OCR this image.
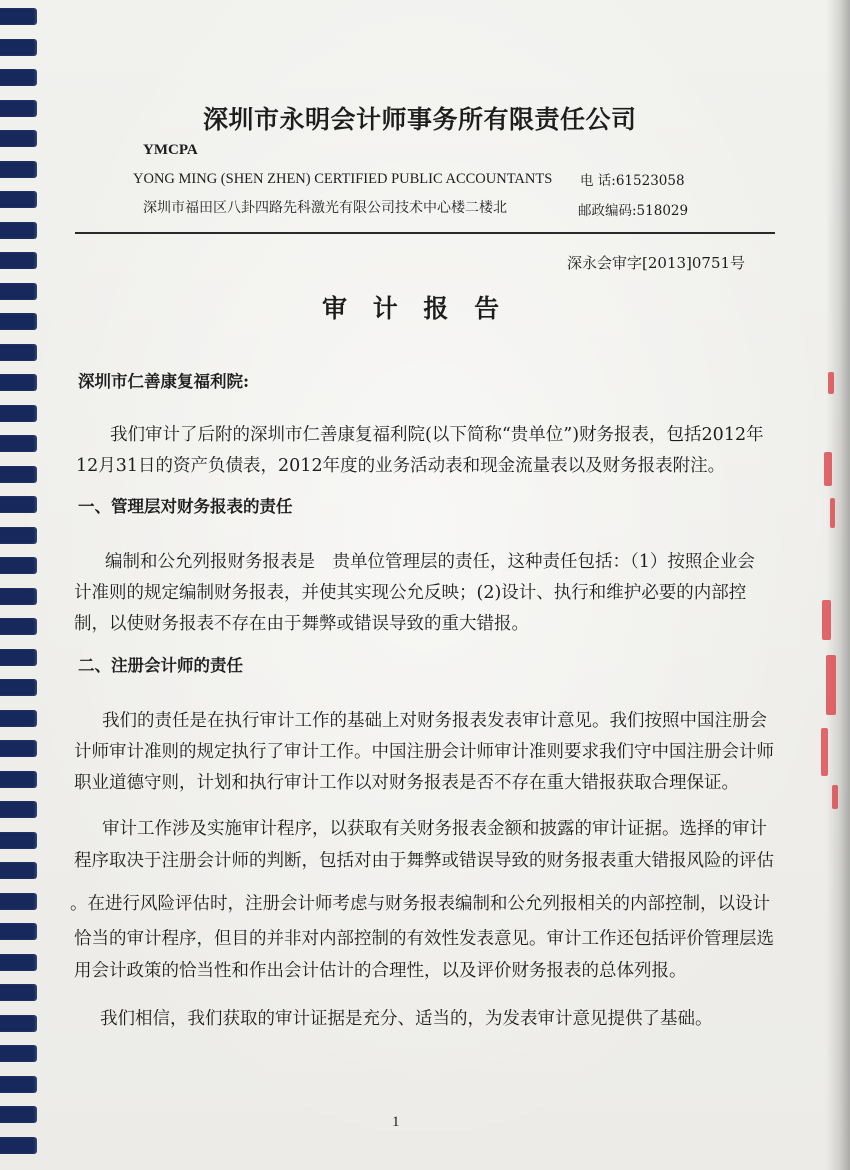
深圳市永明会计师事务所有限责任公司
YMCPA
YONG MING (SHEN ZHEN) CERTIFIED PUBLIC ACCOUNTANTS 电 话:61523058
深圳市福田区八卦四路先科激光有限公司技术中心楼二楼北	邮政编码:518029
深永会审字[2013]0751号
审 计 报 告
深圳市仁善康复福利院:
我们审计了后附的深圳市仁善康复福利院(以下简称“贵单位”)财务报表，包括2012年
12月31日的资产负债表，2012年度的业务活动表和现金流量表以及财务报表附注。
一、管理层对财务报表的责任
编制和公允列报财务报表是　贵单位管理层的责任，这种责任包括：（1）按照企业会
计准则的规定编制财务报表，并使其实现公允反映；(2)设计、执行和维护必要的内部控
制，以使财务报表不存在由于舞弊或错误导致的重大错报。
二、注册会计师的责任
我们的责任是在执行审计工作的基础上对财务报表发表审计意见。我们按照中国注册会
计师审计准则的规定执行了审计工作。中国注册会计师审计准则要求我们守中国注册会计师
职业道德守则，计划和执行审计工作以对财务报表是否不存在重大错报获取合理保证。
审计工作涉及实施审计程序，以获取有关财务报表金额和披露的审计证据。选择的审计
程序取决于注册会计师的判断，包括对由于舞弊或错误导致的财务报表重大错报风险的评估
。在进行风险评估时，注册会计师考虑与财务报表编制和公允列报相关的内部控制，以设计
恰当的审计程序，但目的并非对内部控制的有效性发表意见。审计工作还包括评价管理层选
用会计政策的恰当性和作出会计估计的合理性，以及评价财务报表的总体列报。
我们相信，我们获取的审计证据是充分、适当的，为发表审计意见提供了基础。
1
